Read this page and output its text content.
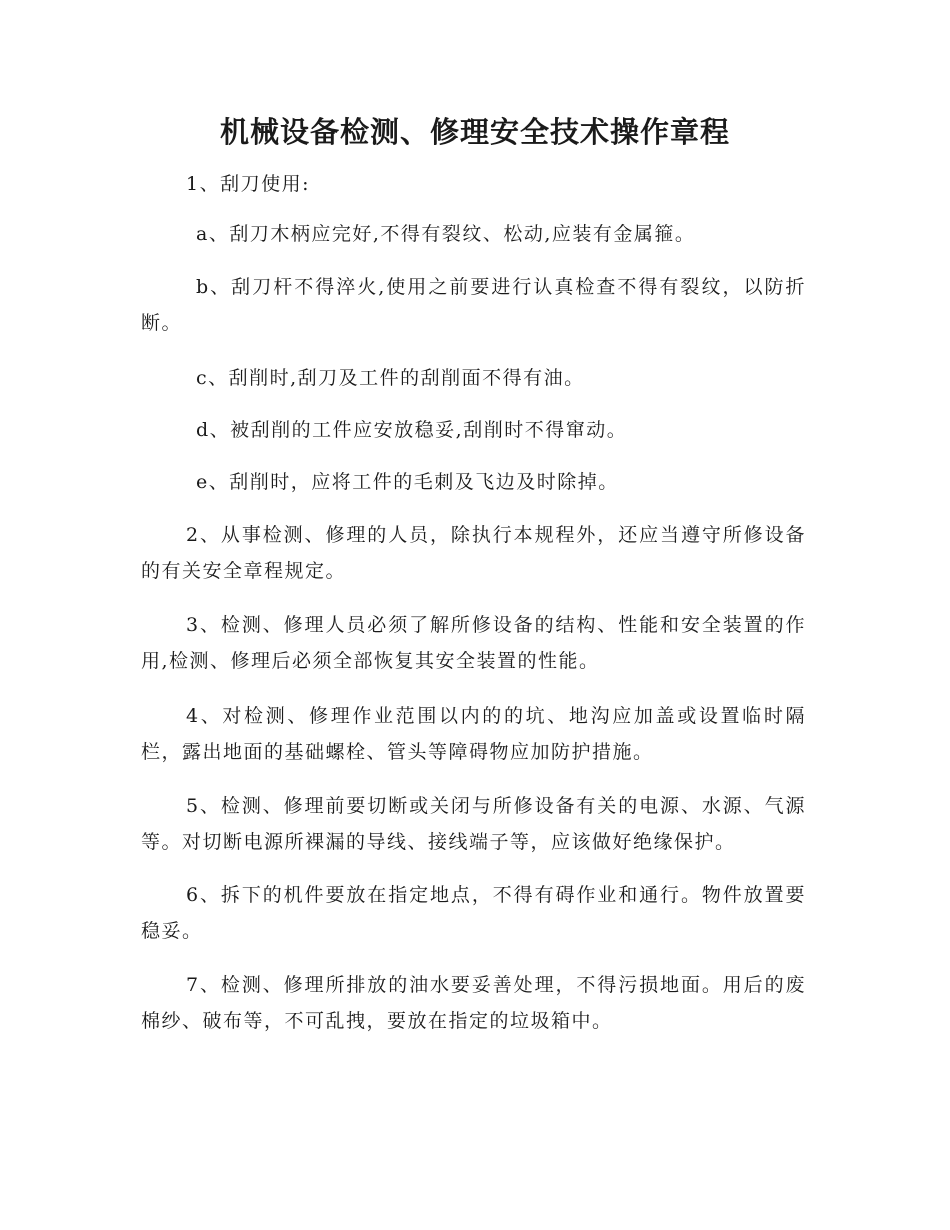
机械设备检测、修理安全技术操作章程

1、刮刀使用:

a、刮刀木柄应完好,不得有裂纹、松动,应装有金属箍。

b、刮刀杆不得淬火,使用之前要进行认真检查不得有裂纹，以防折断。

c、刮削时,刮刀及工件的刮削面不得有油。

d、被刮削的工件应安放稳妥,刮削时不得窜动。

e、刮削时，应将工件的毛刺及飞边及时除掉。

2、从事检测、修理的人员，除执行本规程外，还应当遵守所修设备的有关安全章程规定。

3、检测、修理人员必须了解所修设备的结构、性能和安全装置的作用,检测、修理后必须全部恢复其安全装置的性能。

4、对检测、修理作业范围以内的的坑、地沟应加盖或设置临时隔栏，露出地面的基础螺栓、管头等障碍物应加防护措施。

5、检测、修理前要切断或关闭与所修设备有关的电源、水源、气源等。对切断电源所裸漏的导线、接线端子等，应该做好绝缘保护。

6、拆下的机件要放在指定地点，不得有碍作业和通行。物件放置要稳妥。

7、检测、修理所排放的油水要妥善处理，不得污损地面。用后的废棉纱、破布等，不可乱拽，要放在指定的垃圾箱中。
